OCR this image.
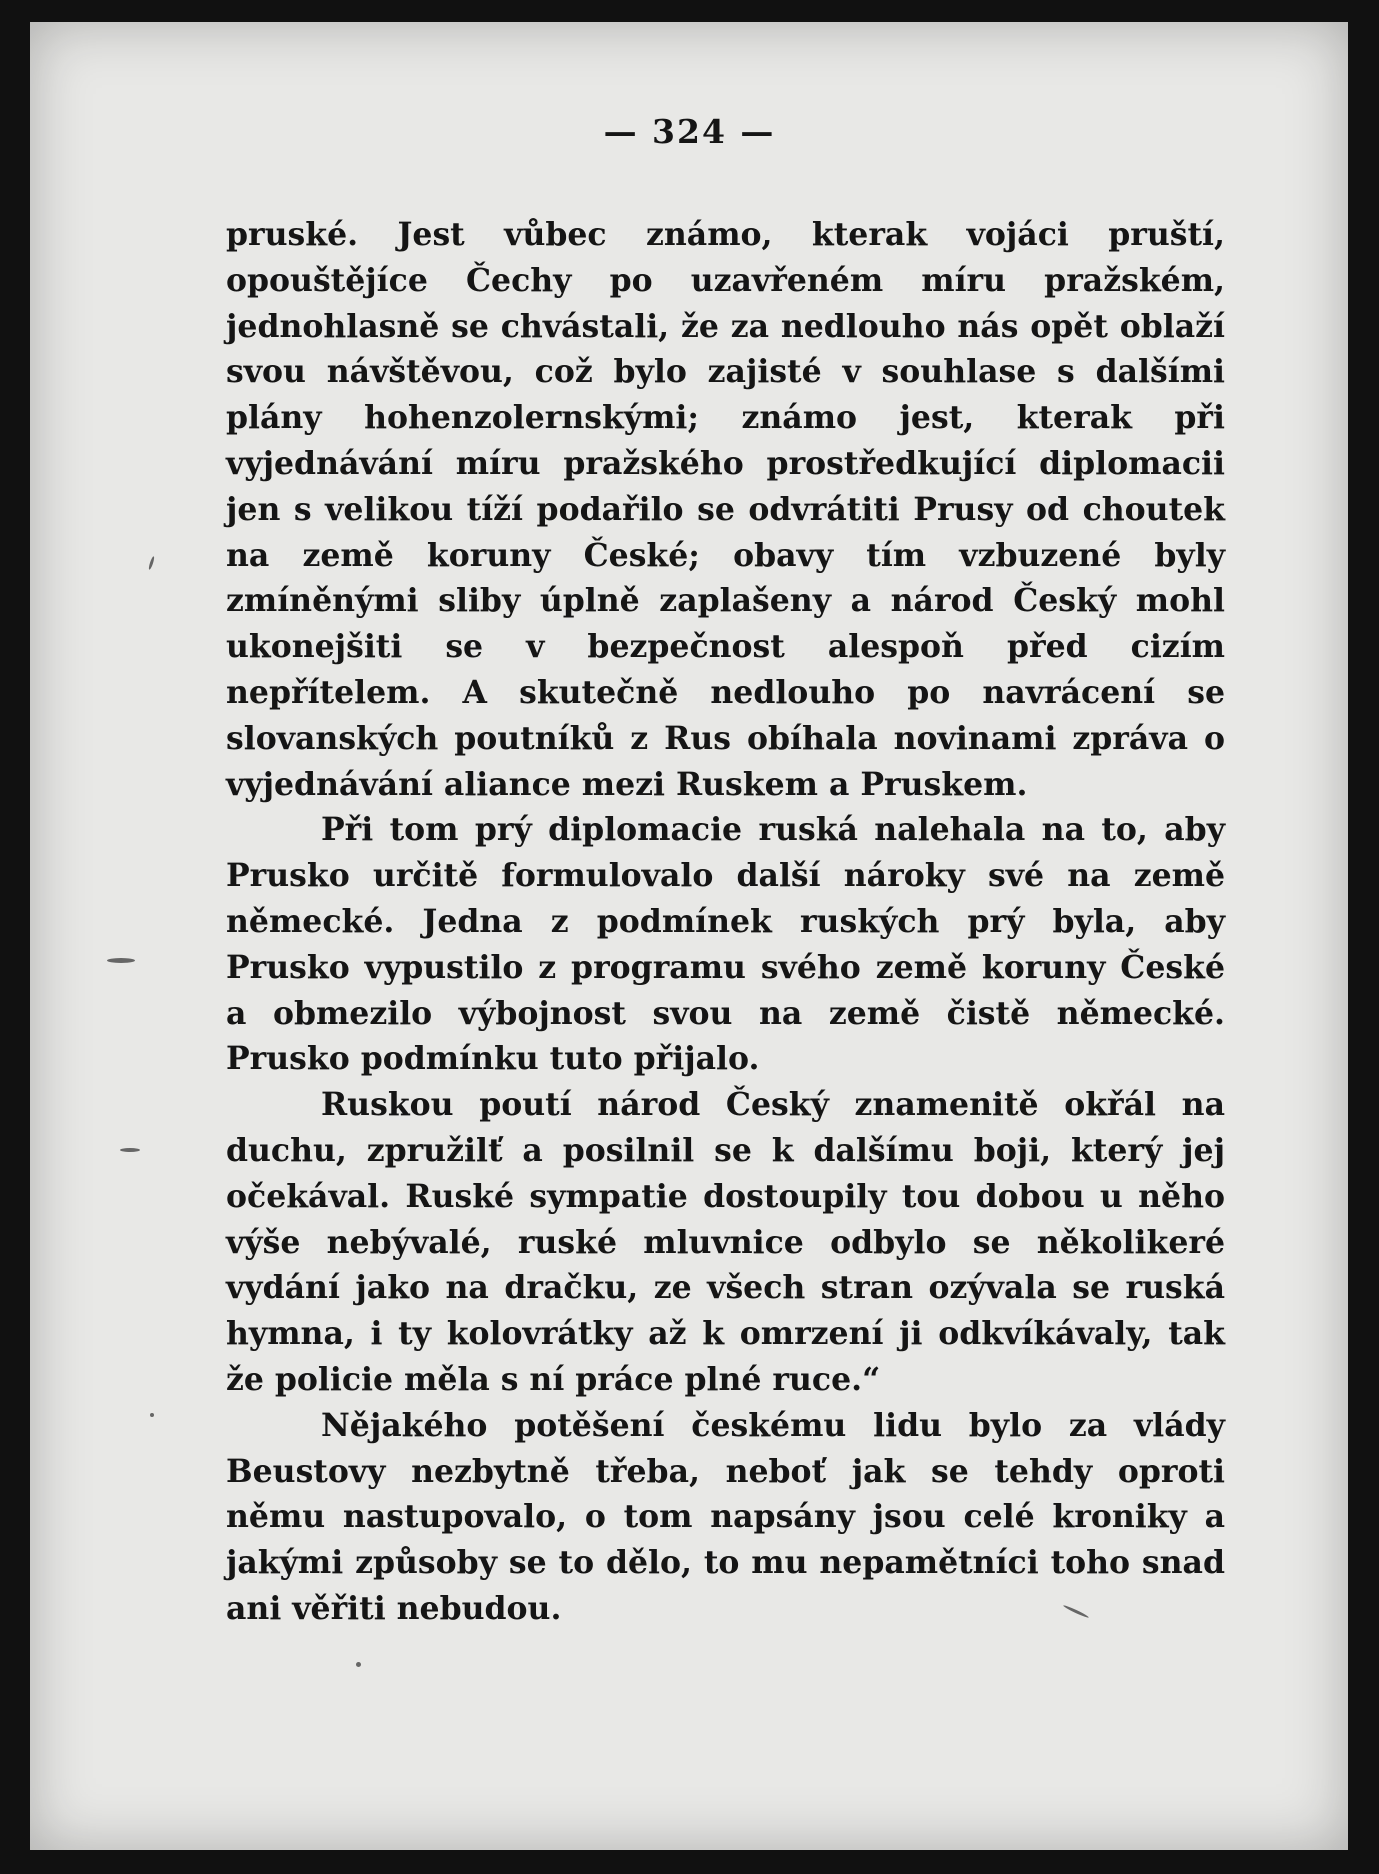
— 324 —

pruské. Jest vůbec známo, kterak vojáci pruští, opouštějíce Čechy po uzavřeném míru pražském, jednohlasně se chvástali, že za nedlouho nás opět oblaží svou návštěvou, což bylo zajisté v souhlase s dalšími plány hohenzolernskými; známo jest, kterak při vyjednávání míru pražského prostředkující diplomacii jen s velikou tíží podařilo se odvrátiti Prusy od choutek na země koruny České; obavy tím vzbuzené byly zmíněnými sliby úplně zaplašeny a národ Český mohl ukonejšiti se v bezpečnost alespoň před cizím nepřítelem. A skutečně nedlouho po navrácení se slovanských poutníků z Rus obíhala novinami zpráva o vyjednávání aliance mezi Ruskem a Pruskem.

Při tom prý diplomacie ruská nalehala na to, aby Prusko určitě formulovalo další nároky své na země německé. Jedna z podmínek ruských prý byla, aby Prusko vypustilo z programu svého země koruny České a obmezilo výbojnost svou na země čistě německé. Prusko podmínku tuto přijalo.

Ruskou poutí národ Český znamenitě okřál na duchu, zpružilť a posilnil se k dalšímu boji, který jej očekával. Ruské sympatie dostoupily tou dobou u něho výše nebývalé, ruské mluvnice odbylo se několikeré vydání jako na dračku, ze všech stran ozývala se ruská hymna, i ty kolovrátky až k omrzení ji odkvíkávaly, tak že policie měla s ní práce plné ruce.“

Nějakého potěšení českému lidu bylo za vlády Beustovy nezbytně třeba, neboť jak se tehdy oproti němu nastupovalo, o tom napsány jsou celé kroniky a jakými způsoby se to dělo, to mu nepamětníci toho snad ani věřiti nebudou.
